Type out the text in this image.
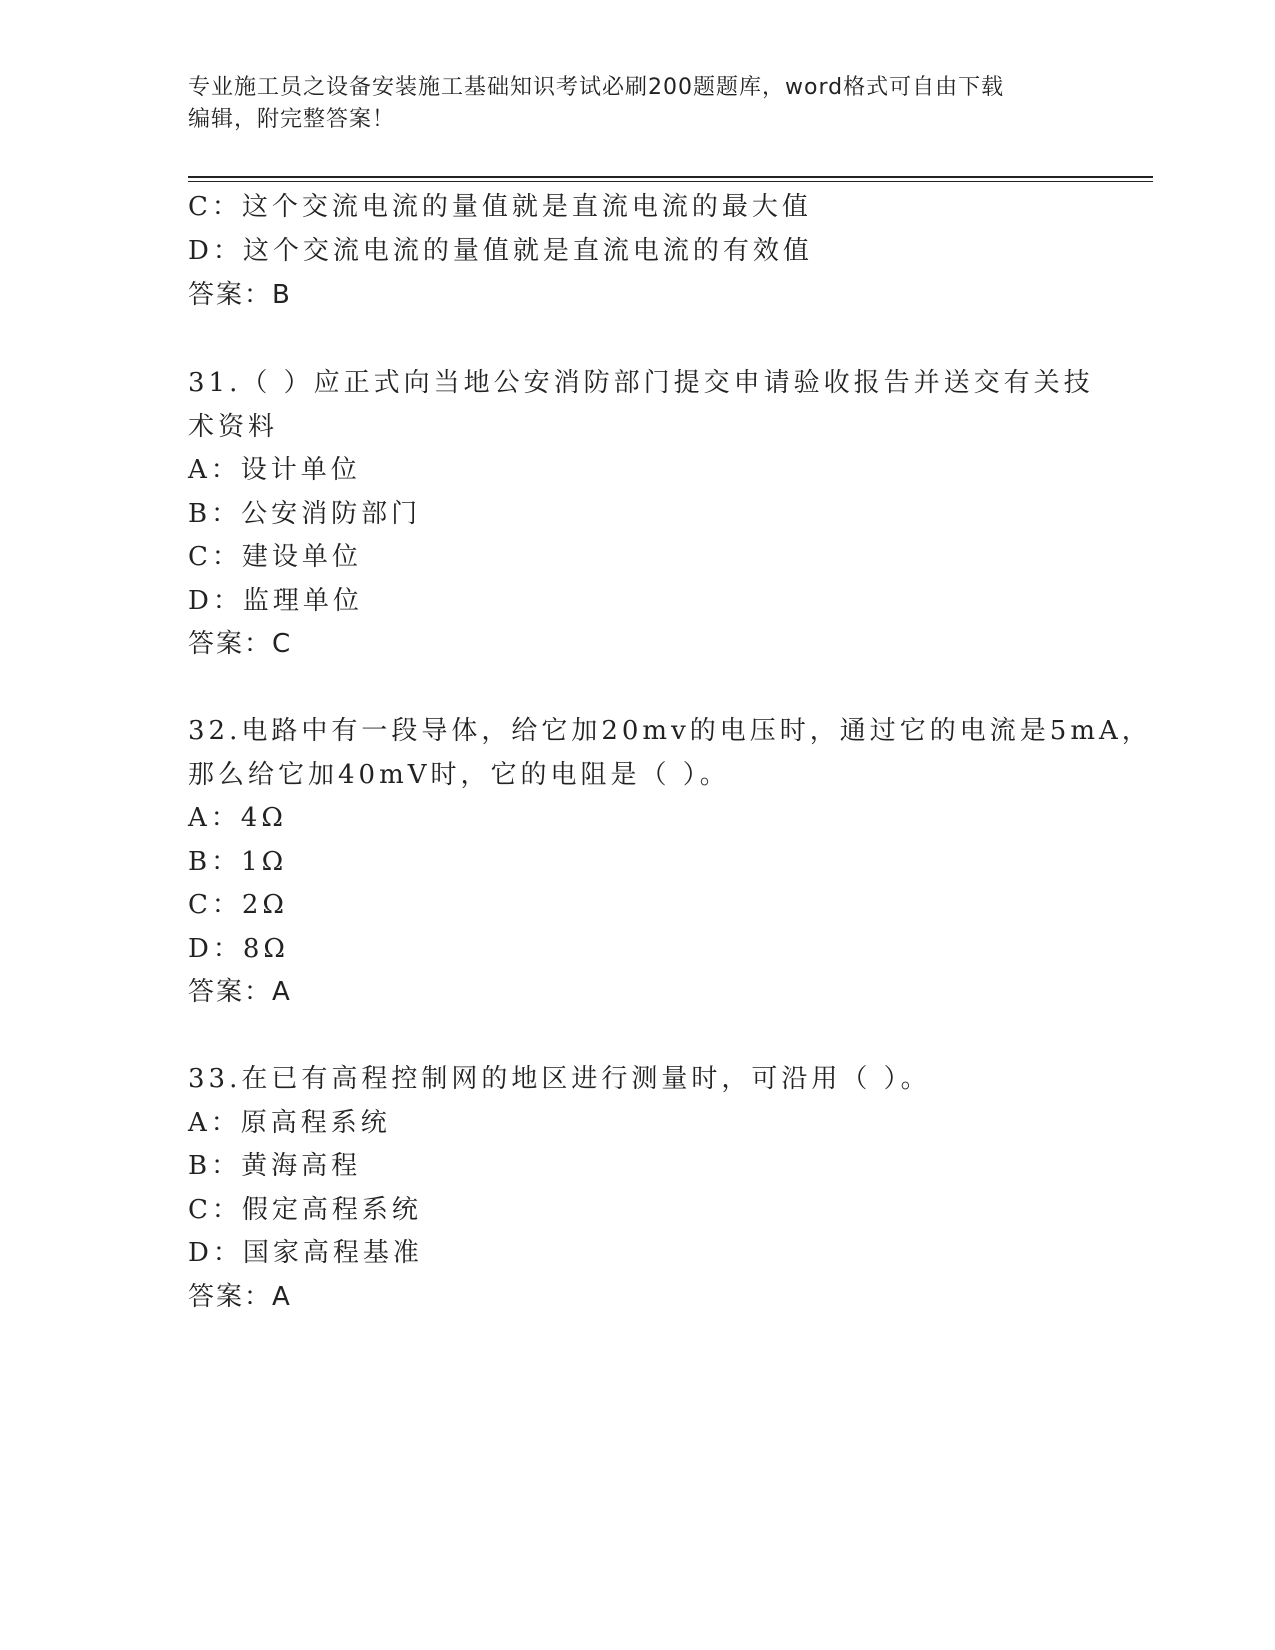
专业施工员之设备安装施工基础知识考试必刷200题题库，word格式可自由下载
编辑，附完整答案！
C：这个交流电流的量值就是直流电流的最大值
D：这个交流电流的量值就是直流电流的有效值
答案：B
31.（ ）应正式向当地公安消防部门提交申请验收报告并送交有关技
术资料
A：设计单位
B：公安消防部门
C：建设单位
D：监理单位
答案：C
32.电路中有一段导体，给它加20mv的电压时，通过它的电流是5mA，
那么给它加40mV时，它的电阻是（ ）。
A：4Ω
B：1Ω
C：2Ω
D：8Ω
答案：A
33.在已有高程控制网的地区进行测量时，可沿用（ ）。
A：原高程系统
B：黄海高程
C：假定高程系统
D：国家高程基准
答案：A
